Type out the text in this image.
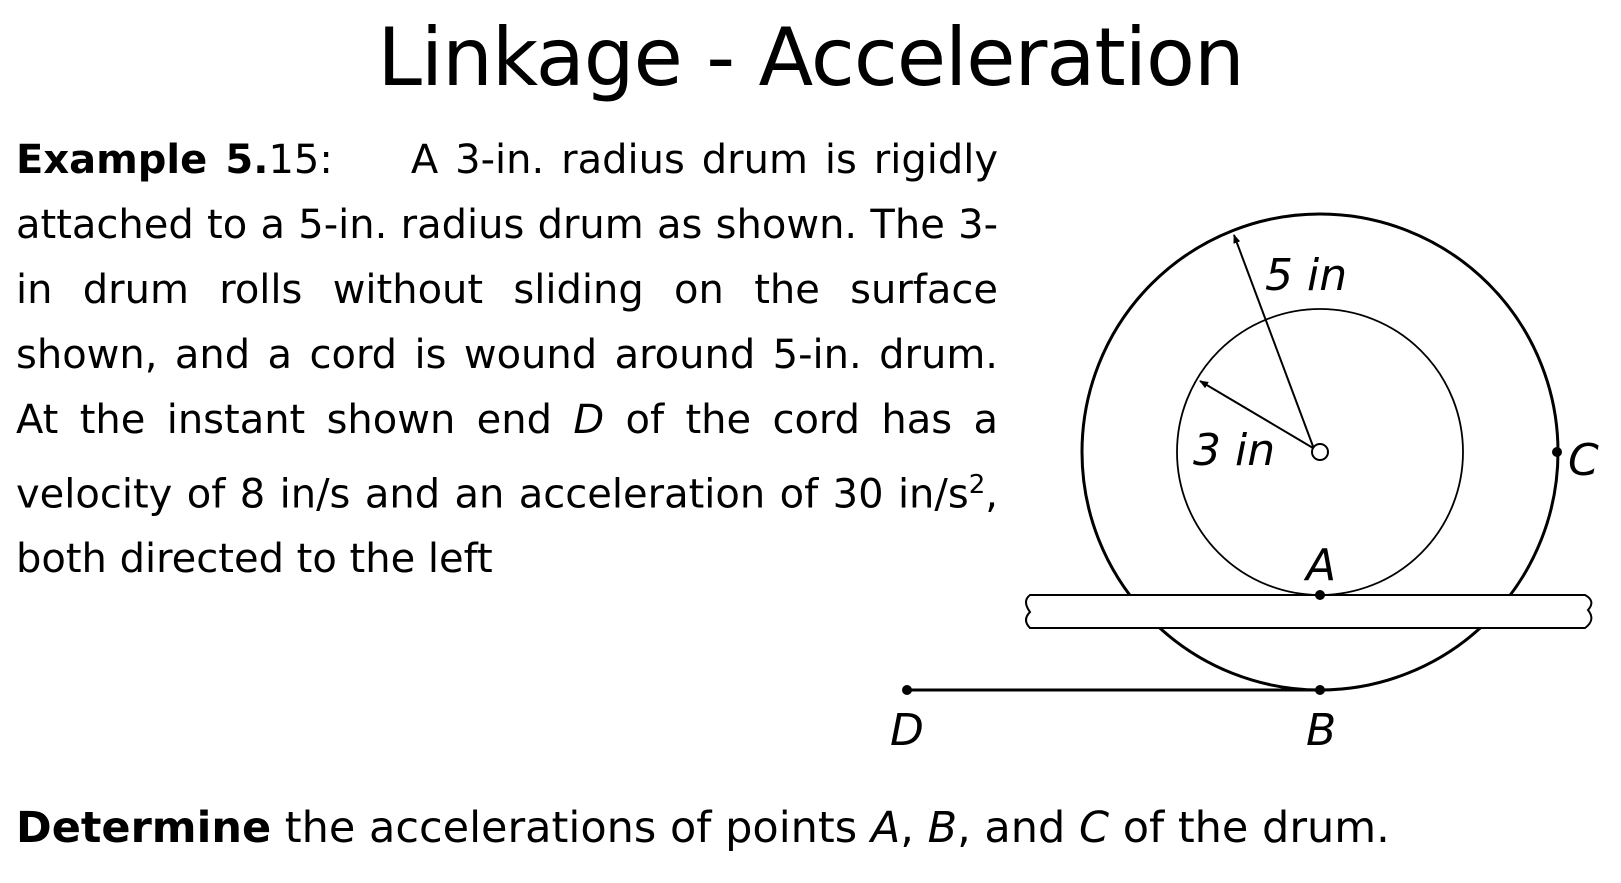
Linkage - Acceleration
Example 5.15: A 3-in. radius drum is rigidly attached to a 5-in. radius drum as shown. The 3-in drum rolls without sliding on the surface shown, and a cord is wound around 5-in. drum. At the instant shown end D of the cord has a velocity of 8 in/s and an acceleration of 30 $in/s^2$, both directed to the left
Determine the accelerations of points A, B, and C of the drum.
5 in
3 in
A
B
C
D
